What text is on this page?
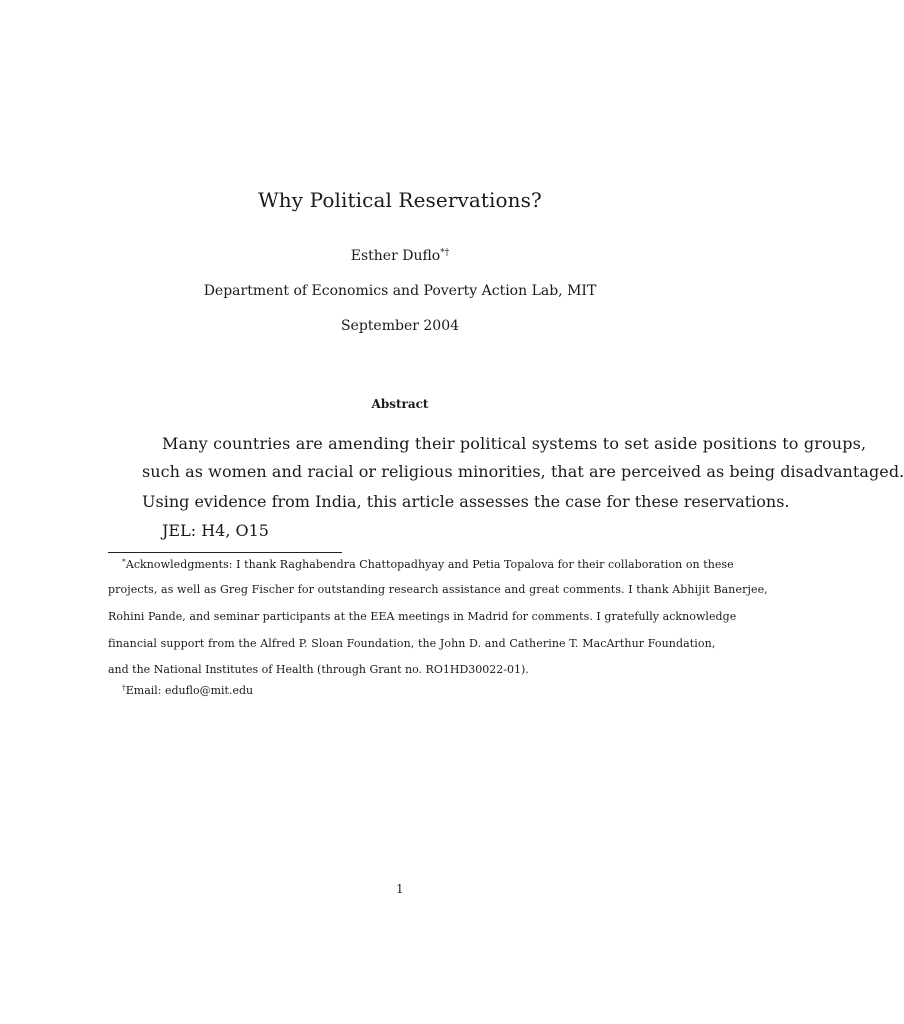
Why Political Reservations?
Esther Duflo*†
Department of Economics and Poverty Action Lab, MIT
September 2004
Abstract
Many countries are amending their political systems to set aside positions to groups,
such as women and racial or religious minorities, that are perceived as being disadvantaged.
Using evidence from India, this article assesses the case for these reservations.
JEL: H4, O15
*Acknowledgments: I thank Raghabendra Chattopadhyay and Petia Topalova for their collaboration on these
projects, as well as Greg Fischer for outstanding research assistance and great comments. I thank Abhijit Banerjee,
Rohini Pande, and seminar participants at the EEA meetings in Madrid for comments. I gratefully acknowledge
financial support from the Alfred P. Sloan Foundation, the John D. and Catherine T. MacArthur Foundation,
and the National Institutes of Health (through Grant no. RO1HD30022-01).
†Email: eduflo@mit.edu
1
